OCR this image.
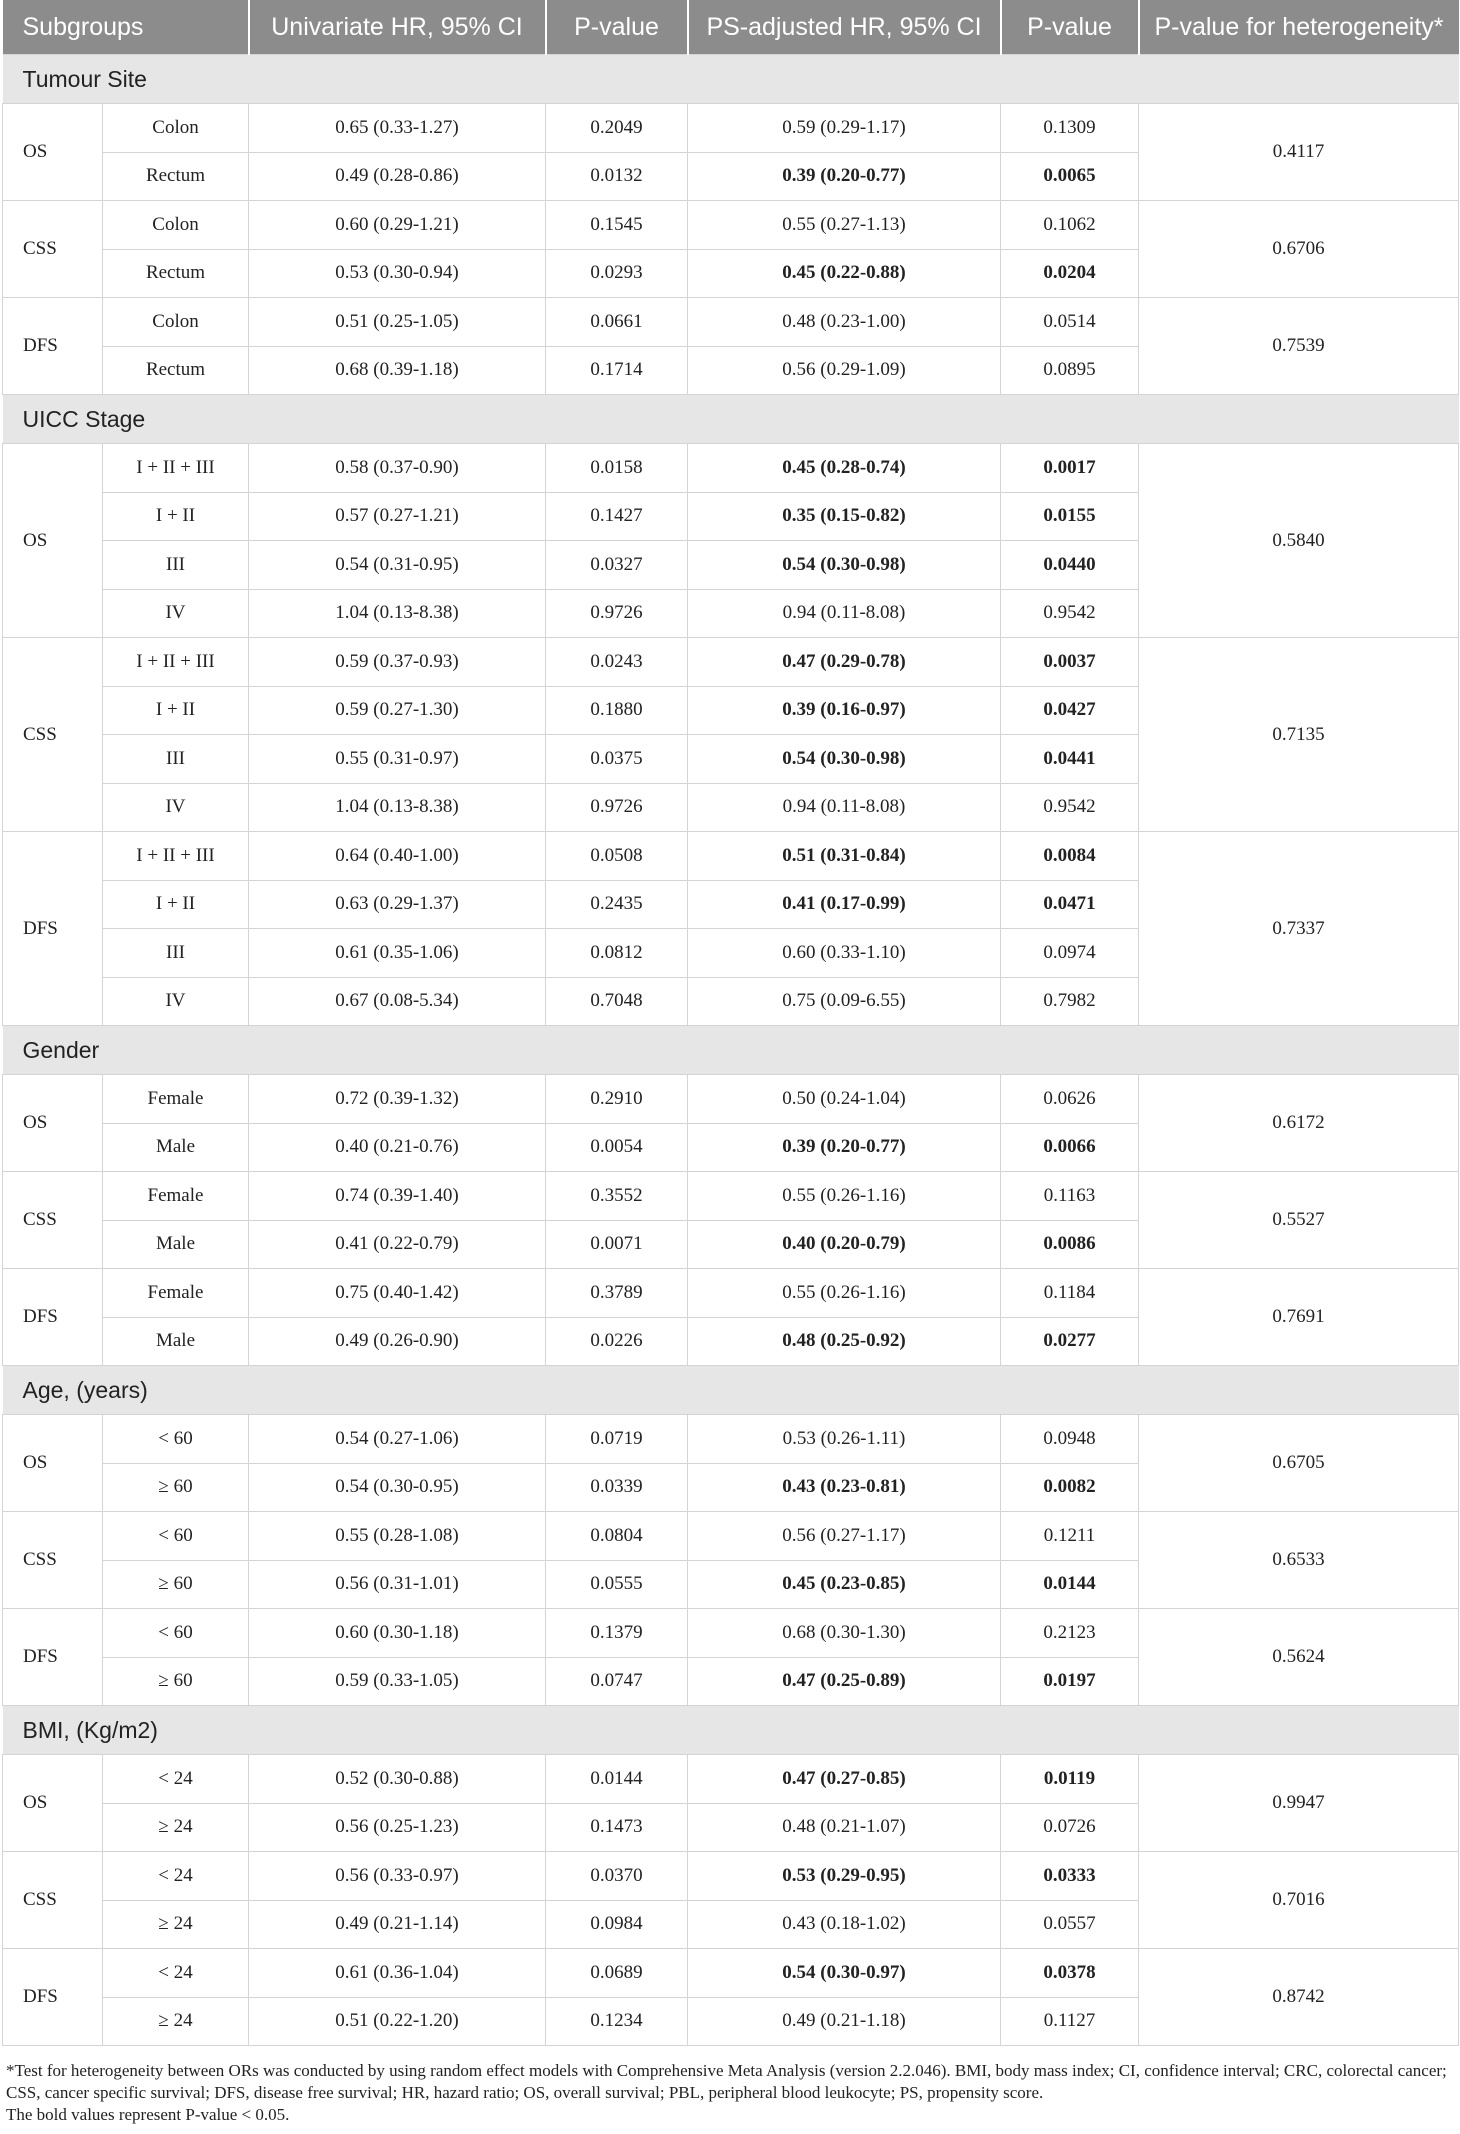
Subgroups		Univariate HR, 95% CI	P-value	PS-adjusted HR, 95% CI	P-value	P-value for heterogeneity*
Tumour Site						
OS	Colon	0.65 (0.33-1.27)	0.2049	0.59 (0.29-1.17)	0.1309	0.4117
	Rectum	0.49 (0.28-0.86)	0.0132	0.39 (0.20-0.77)	0.0065	
CSS	Colon	0.60 (0.29-1.21)	0.1545	0.55 (0.27-1.13)	0.1062	0.6706
	Rectum	0.53 (0.30-0.94)	0.0293	0.45 (0.22-0.88)	0.0204	
DFS	Colon	0.51 (0.25-1.05)	0.0661	0.48 (0.23-1.00)	0.0514	0.7539
	Rectum	0.68 (0.39-1.18)	0.1714	0.56 (0.29-1.09)	0.0895	
UICC Stage						
OS	I + II + III	0.58 (0.37-0.90)	0.0158	0.45 (0.28-0.74)	0.0017	0.5840
	I + II	0.57 (0.27-1.21)	0.1427	0.35 (0.15-0.82)	0.0155	
	III	0.54 (0.31-0.95)	0.0327	0.54 (0.30-0.98)	0.0440	
	IV	1.04 (0.13-8.38)	0.9726	0.94 (0.11-8.08)	0.9542	
CSS	I + II + III	0.59 (0.37-0.93)	0.0243	0.47 (0.29-0.78)	0.0037	0.7135
	I + II	0.59 (0.27-1.30)	0.1880	0.39 (0.16-0.97)	0.0427	
	III	0.55 (0.31-0.97)	0.0375	0.54 (0.30-0.98)	0.0441	
	IV	1.04 (0.13-8.38)	0.9726	0.94 (0.11-8.08)	0.9542	
DFS	I + II + III	0.64 (0.40-1.00)	0.0508	0.51 (0.31-0.84)	0.0084	0.7337
	I + II	0.63 (0.29-1.37)	0.2435	0.41 (0.17-0.99)	0.0471	
	III	0.61 (0.35-1.06)	0.0812	0.60 (0.33-1.10)	0.0974	
	IV	0.67 (0.08-5.34)	0.7048	0.75 (0.09-6.55)	0.7982	
Gender						
OS	Female	0.72 (0.39-1.32)	0.2910	0.50 (0.24-1.04)	0.0626	0.6172
	Male	0.40 (0.21-0.76)	0.0054	0.39 (0.20-0.77)	0.0066	
CSS	Female	0.74 (0.39-1.40)	0.3552	0.55 (0.26-1.16)	0.1163	0.5527
	Male	0.41 (0.22-0.79)	0.0071	0.40 (0.20-0.79)	0.0086	
DFS	Female	0.75 (0.40-1.42)	0.3789	0.55 (0.26-1.16)	0.1184	0.7691
	Male	0.49 (0.26-0.90)	0.0226	0.48 (0.25-0.92)	0.0277	
Age, (years)						
OS	< 60	0.54 (0.27-1.06)	0.0719	0.53 (0.26-1.11)	0.0948	0.6705
	≥ 60	0.54 (0.30-0.95)	0.0339	0.43 (0.23-0.81)	0.0082	
CSS	< 60	0.55 (0.28-1.08)	0.0804	0.56 (0.27-1.17)	0.1211	0.6533
	≥ 60	0.56 (0.31-1.01)	0.0555	0.45 (0.23-0.85)	0.0144	
DFS	< 60	0.60 (0.30-1.18)	0.1379	0.68 (0.30-1.30)	0.2123	0.5624
	≥ 60	0.59 (0.33-1.05)	0.0747	0.47 (0.25-0.89)	0.0197	
BMI, (Kg/m2)						
OS	< 24	0.52 (0.30-0.88)	0.0144	0.47 (0.27-0.85)	0.0119	0.9947
	≥ 24	0.56 (0.25-1.23)	0.1473	0.48 (0.21-1.07)	0.0726	
CSS	< 24	0.56 (0.33-0.97)	0.0370	0.53 (0.29-0.95)	0.0333	0.7016
	≥ 24	0.49 (0.21-1.14)	0.0984	0.43 (0.18-1.02)	0.0557	
DFS	< 24	0.61 (0.36-1.04)	0.0689	0.54 (0.30-0.97)	0.0378	0.8742
	≥ 24	0.51 (0.22-1.20)	0.1234	0.49 (0.21-1.18)	0.1127	

*Test for heterogeneity between ORs was conducted by using random effect models with Comprehensive Meta Analysis (version 2.2.046). BMI, body mass index; CI, confidence interval; CRC, colorectal cancer; CSS, cancer specific survival; DFS, disease free survival; HR, hazard ratio; OS, overall survival; PBL, peripheral blood leukocyte; PS, propensity score.

The bold values represent P-value < 0.05.
